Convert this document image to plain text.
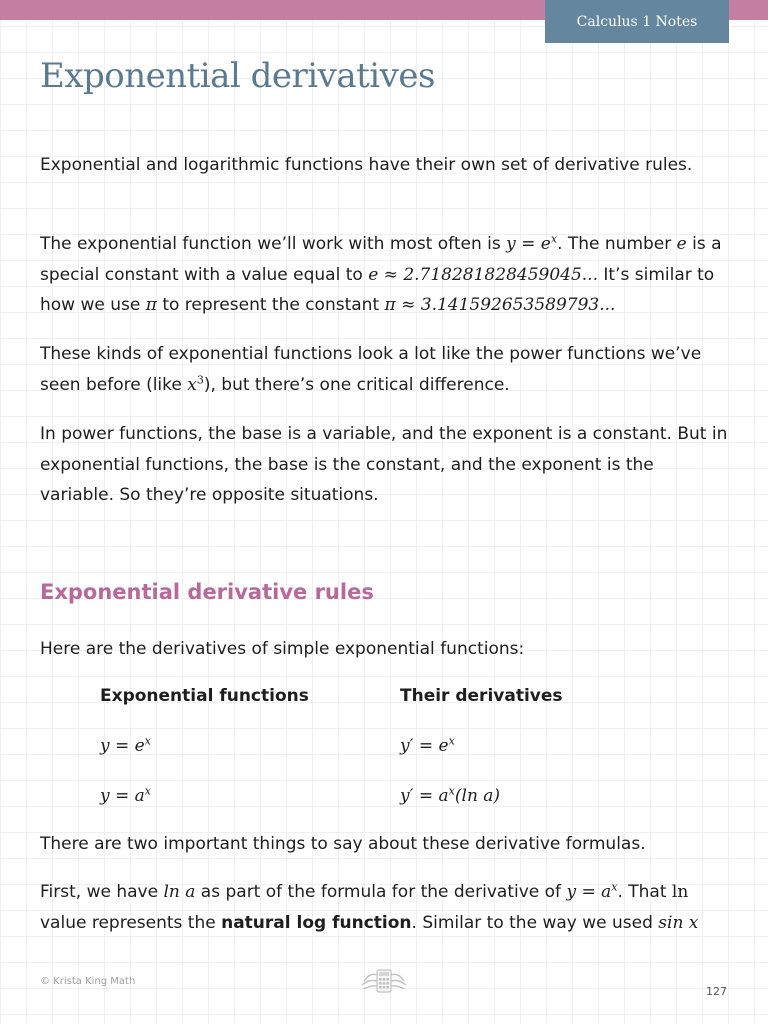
Calculus 1 Notes
Exponential derivatives

Exponential and logarithmic functions have their own set of derivative rules.

The exponential function we’ll work with most often is $y = e^x$. The number e is a special constant with a value equal to e ≈ 2.718281828459045... It’s similar to how we use π to represent the constant π ≈ 3.141592653589793...

These kinds of exponential functions look a lot like the power functions we’ve seen before (like $x^3$), but there’s one critical difference.

In power functions, the base is a variable, and the exponent is a constant. But in exponential functions, the base is the constant, and the exponent is the variable. So they’re opposite situations.

Exponential derivative rules

Here are the derivatives of simple exponential functions:

Exponential functions	Their derivatives
$y = e^x$	$y' = e^x$
$y = a^x$	$y' = a^x(\ln$ a)

There are two important things to say about these derivative formulas.

First, we have ln a as part of the formula for the derivative of $y = a^x$. That ln value represents the natural log function. Similar to the way we used sin x

© Krista King Math
127
